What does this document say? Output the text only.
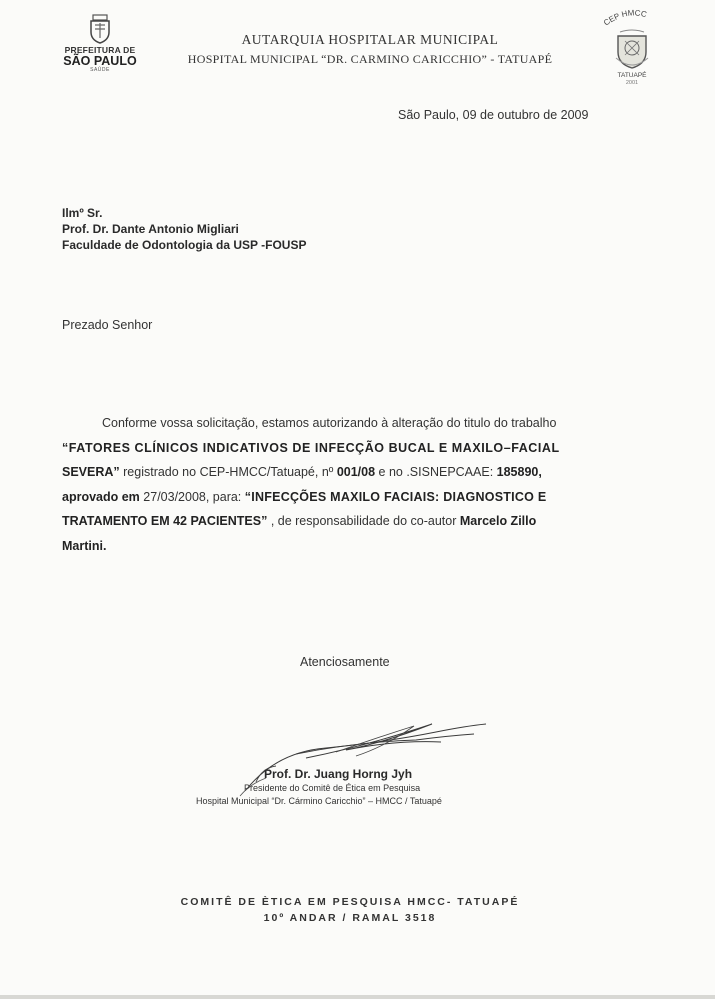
PREFEITURA DE
SÃO PAULO
SAÚDE
AUTARQUIA HOSPITALAR MUNICIPAL
HOSPITAL MUNICIPAL “DR. CARMINO CARICCHIO” - TATUAPÉ
CEP HMCC
TATUAPÉ
2001
São Paulo, 09 de outubro de 2009
Ilmº Sr.
Prof. Dr. Dante Antonio Migliari
Faculdade de Odontologia da USP -FOUSP
Prezado Senhor
Conforme vossa solicitação, estamos autorizando à alteração do titulo do trabalho
“FATORES CLÍNICOS INDICATIVOS DE INFECÇÃO BUCAL E MAXILO–FACIAL
SEVERA” registrado no CEP-HMCC/Tatuapé, nº 001/08 e no .SISNEPCAAE: 185890,
aprovado em 27/03/2008, para: “INFECÇÕES MAXILO FACIAIS: DIAGNOSTICO E
TRATAMENTO EM 42 PACIENTES” , de responsabilidade do co-autor Marcelo Zillo
Martini.
Atenciosamente
Prof. Dr. Juang Horng Jyh
Presidente do Comitê de Ética em Pesquisa
Hospital Municipal “Dr. Cármino Caricchio” – HMCC / Tatuapé
COMITÊ DE ÈTICA EM PESQUISA HMCC- TATUAPÉ
10º ANDAR / RAMAL 3518
